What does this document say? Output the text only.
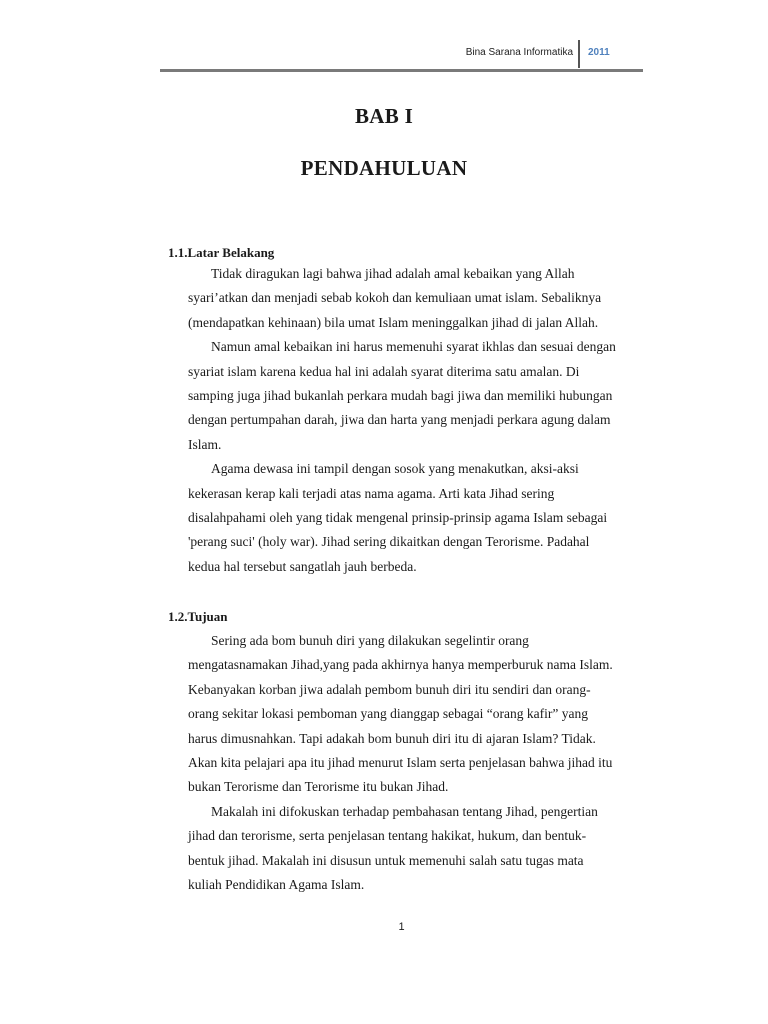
Bina Sarana Informatika 2011
BAB I
PENDAHULUAN
1.1.Latar Belakang

Tidak diragukan lagi bahwa jihad adalah amal kebaikan yang Allah
syari’atkan dan menjadi sebab kokoh dan kemuliaan umat islam. Sebaliknya
(mendapatkan kehinaan) bila umat Islam meninggalkan jihad di jalan Allah.

Namun amal kebaikan ini harus memenuhi syarat ikhlas dan sesuai dengan
syariat islam karena kedua hal ini adalah syarat diterima satu amalan. Di
samping juga jihad bukanlah perkara mudah bagi jiwa dan memiliki hubungan
dengan pertumpahan darah, jiwa dan harta yang menjadi perkara agung dalam
Islam.

Agama dewasa ini tampil dengan sosok yang menakutkan, aksi-aksi
kekerasan kerap kali terjadi atas nama agama. Arti kata Jihad sering
disalahpahami oleh yang tidak mengenal prinsip-prinsip agama Islam sebagai
'perang suci' (holy war). Jihad sering dikaitkan dengan Terorisme. Padahal
kedua hal tersebut sangatlah jauh berbeda.

1.2.Tujuan

Sering ada bom bunuh diri yang dilakukan segelintir orang
mengatasnamakan Jihad,yang pada akhirnya hanya memperburuk nama Islam.
Kebanyakan korban jiwa adalah pembom bunuh diri itu sendiri dan orang-
orang sekitar lokasi pemboman yang dianggap sebagai “orang kafir” yang
harus dimusnahkan. Tapi adakah bom bunuh diri itu di ajaran Islam? Tidak.
Akan kita pelajari apa itu jihad menurut Islam serta penjelasan bahwa jihad itu
bukan Terorisme dan Terorisme itu bukan Jihad.

Makalah ini difokuskan terhadap pembahasan tentang Jihad, pengertian
jihad dan terorisme, serta penjelasan tentang hakikat, hukum, dan bentuk-
bentuk jihad. Makalah ini disusun untuk memenuhi salah satu tugas mata
kuliah Pendidikan Agama Islam.

1
